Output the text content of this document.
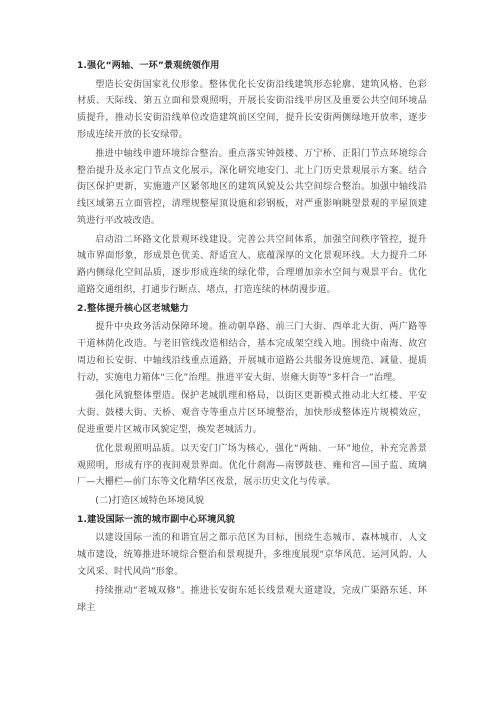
1.强化“两轴、一环”景观统领作用

塑造长安街国家礼仪形象。整体优化长安街沿线建筑形态轮廓、建筑风格、色彩材质、天际线、第五立面和景观照明，开展长安街沿线平房区及重要公共空间环境品质提升，推动长安街沿线单位改造建筑前区空间，提升长安街两侧绿地开放率，逐步形成连续开放的长安绿带。

推进中轴线申遗环境综合整治。重点落实钟鼓楼、万宁桥、正阳门节点环境综合整治提升及永定门节点文化展示，深化研究地安门、北上门历史景观展示方案。结合街区保护更新，实施遗产区紧邻地区的建筑风貌及公共空间综合整治。加强中轴线沿线区域第五立面管控，清理规整屋顶设施和彩钢板，对严重影响眺望景观的平屋顶建筑进行平改坡改造。

启动沿二环路文化景观环线建设。完善公共空间体系，加强空间秩序管控，提升城市界面形象，形成景色优美、舒适宜人、底蕴深厚的文化景观环线。大力提升二环路内侧绿化空间品质，逐步形成连续的绿化带，合理增加亲水空间与观景平台。优化道路交通组织，打通步行断点、堵点，打造连续的林荫漫步道。

2.整体提升核心区老城魅力

提升中央政务活动保障环境。推动朝阜路、前三门大街、西单北大街、两广路等干道林荫化改造。与老旧管线改造相结合，基本完成架空线入地。围绕中南海、故宫周边和长安街、中轴线沿线重点道路，开展城市道路公共服务设施规范、减量、提质行动，实施电力箱体“三化”治理。推进平安大街、崇雍大街等“多杆合一”治理。

强化风貌整体塑造。保护老城肌理和格局，以街区更新模式推动北大红楼、平安大街、鼓楼大街、天桥、观音寺等重点片区环境整治，加快形成整体连片规模效应，促进重要片区城市风貌定型，焕发老城活力。

优化景观照明品质。以天安门广场为核心，强化“两轴、一环”地位，补充完善景观照明，形成有序的夜间观景界面。优化什刹海—南锣鼓巷、雍和宫—国子监、琉璃厂—大栅栏—前门东等文化精华区夜景，展示历史文化与传承。

(二)打造区域特色环境风貌

1.建设国际一流的城市副中心环境风貌

以建设国际一流的和谐宜居之都示范区为目标，围绕生态城市、森林城市、人文城市建设，统筹推进环境综合整治和景观提升，多维度展现“京华风范、运河风韵、人文风采、时代风尚”形象。

持续推动“老城双修”。推进长安街东延长线景观大道建设，完成广渠路东延、环球主
